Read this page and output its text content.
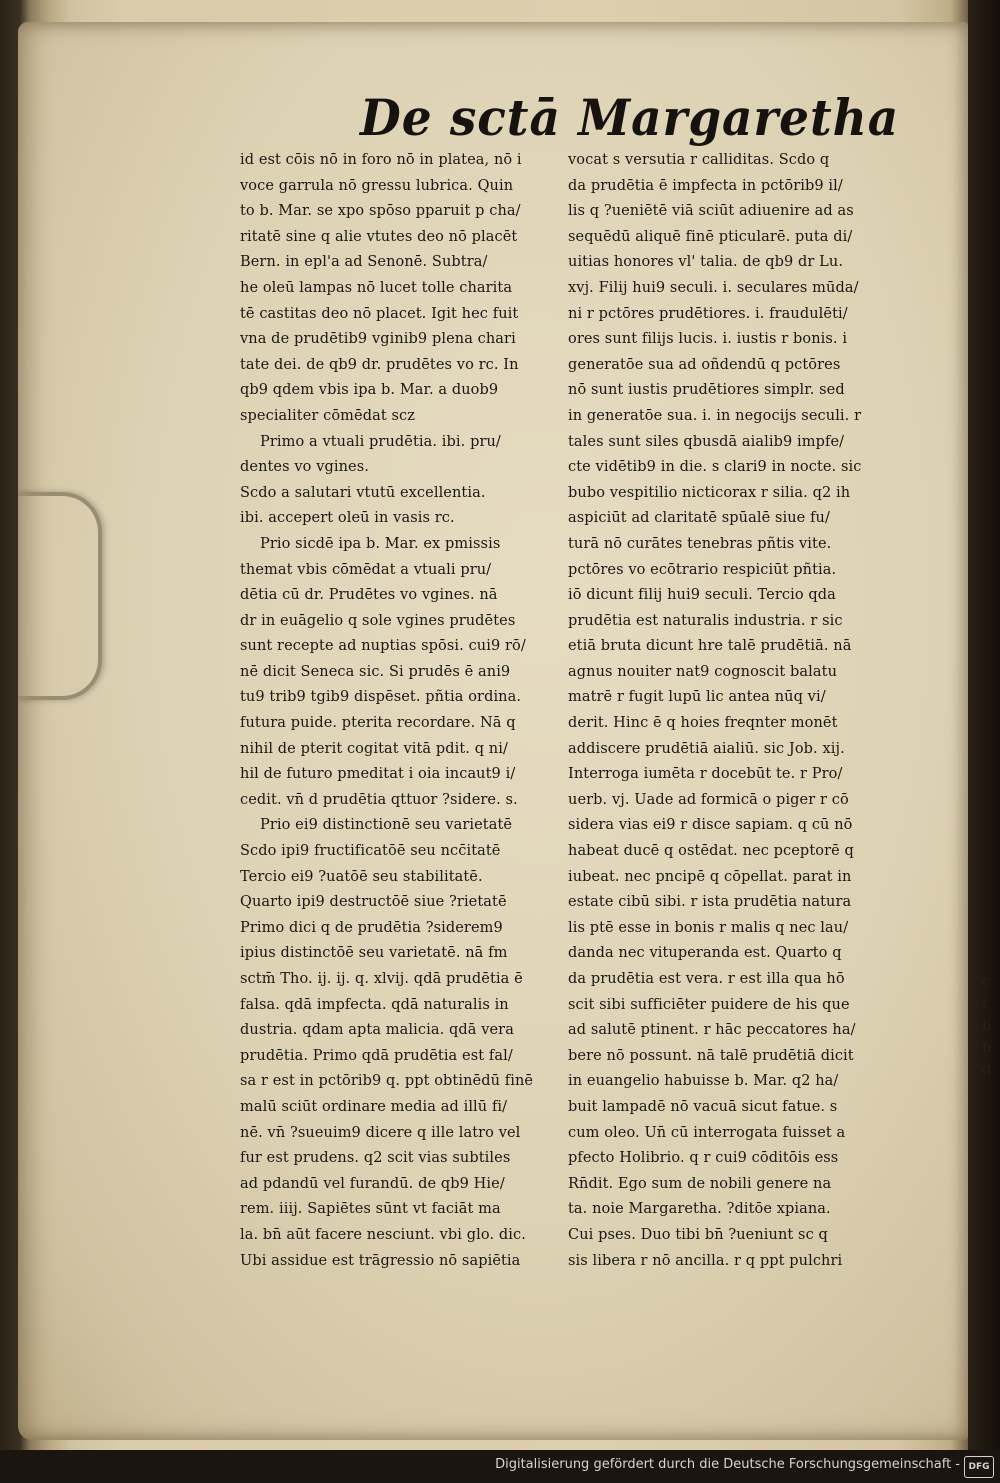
c
t
b
b
d
De sctā Margaretha
id est cōis nō in foro nō in platea, nō i
voce garrula nō gressu lubrica. Quin
to b. Mar. se xpo spōso pparuit p cha/
ritatē sine q alie vtutes deo nō placēt
Bern. in epl'a ad Senonē. Subtra/
he oleū lampas nō lucet tolle charita
tē castitas deo nō placet. Igit hec fuit
vna de prudētib9 vginib9 plena chari
tate dei. de qb9 dr. prudētes vo rc. In
qb9 qdem vbis ipa b. Mar. a duob9
specialiter cōmēdat scz
Primo a vtuali prudētia. ibi. pru/
dentes vo vgines.
Scdo a salutari vtutū excellentia.
ibi. accepert oleū in vasis rc.
Prio sicdē ipa b. Mar. ex pmissis
themat vbis cōmēdat a vtuali pru/
dētia cū dr. Prudētes vo vgines. nā
dr in euāgelio q sole vgines prudētes
sunt recepte ad nuptias spōsi. cui9 rō/
nē dicit Seneca sic. Si prudēs ē ani9
tu9 trib9 tgib9 dispēset. pñtia ordina.
futura puide. pterita recordare. Nā q
nihil de pterit cogitat vitā pdit. q ni/
hil de futuro pmeditat i oia incaut9 i/
cedit. vn̄ d prudētia qttuor ?sidere. s.
Prio ei9 distinctionē seu varietatē
Scdo ipi9 fructificatōē seu ncc̄itatē
Tercio ei9 ?uatōē seu stabilitatē.
Quarto ipi9 destructōē siue ?rietatē
Primo dici q de prudētia ?siderem9
ipius distinctōē seu varietatē. nā fm
sctm̄ Tho. ij. ij. q. xlvij. qdā prudētia ē
falsa. qdā impfecta. qdā naturalis in
dustria. qdam apta malicia. qdā vera
prudētia. Primo qdā prudētia est fal/
sa r est in pctōrib9 q. ppt obtinēdū finē
malū sciūt ordinare media ad illū fi/
nē. vn̄ ?sueuim9 dicere q ille latro vel
fur est prudens. q2 scit vias subtiles
ad pdandū vel furandū. de qb9 Hie/
rem. iiij. Sapiētes sūnt vt faciāt ma
la. bn̄ aūt facere nesciunt. vbi glo. dic.
Ubi assidue est trāgressio nō sapiētia
vocat s versutia r calliditas. Scdo q
da prudētia ē impfecta in pctōrib9 il/
lis q ?ueniētē viā sciūt adiuenire ad as
sequēdū aliquē finē pticularē. puta di/
uitias honores vl' talia. de qb9 dr Lu.
xvj. Filij hui9 seculi. i. seculares mūda/
ni r pctōres prudētiores. i. fraudulēti/
ores sunt filijs lucis. i. iustis r bonis. i
generatōe sua ad oñdendū q pctōres
nō sunt iustis prudētiores simplr. sed
in generatōe sua. i. in negocijs seculi. r
tales sunt siles qbusdā aialib9 impfe/
cte vidētib9 in die. s clari9 in nocte. sic
bubo vespitilio nicticorax r silia. q2 ih
aspiciūt ad claritatē spūalē siue fu/
turā nō curātes tenebras pñtis vite.
pctōres vo ecōtrario respiciūt pñtia.
iō dicunt filij hui9 seculi. Tercio qda
prudētia est naturalis industria. r sic
etiā bruta dicunt hre talē prudētiā. nā
agnus nouiter nat9 cognoscit balatu
matrē r fugit lupū lic antea nūq vi/
derit. Hinc ē q hoies freqnter monēt
addiscere prudētiā aialiū. sic Job. xij.
Interroga iumēta r docebūt te. r Pro/
uerb. vj. Uade ad formicā o piger r cō
sidera vias ei9 r disce sapiam. q cū nō
habeat ducē q ostēdat. nec pceptorē q
iubeat. nec pncipē q cōpellat. parat in
estate cibū sibi. r ista prudētia natura
lis ptē esse in bonis r malis q nec lau/
danda nec vituperanda est. Quarto q
da prudētia est vera. r est illa qua hō
scit sibi sufficiēter puidere de his que
ad salutē ptinent. r hāc peccatores ha/
bere nō possunt. nā talē prudētiā dicit
in euangelio habuisse b. Mar. q2 ha/
buit lampadē nō vacuā sicut fatue. s
cum oleo. Un̄ cū interrogata fuisset a
pfecto Holibrio. q r cui9 cōditōis ess
Rn̄dit. Ego sum de nobili genere na
ta. noie Margaretha. ?ditōe xpiana.
Cui pses. Duo tibi bn̄ ?ueniunt sc q
sis libera r nō ancilla. r q ppt pulchri
Digitalisierung gefördert durch die Deutsche Forschungsgemeinschaft - DFG
